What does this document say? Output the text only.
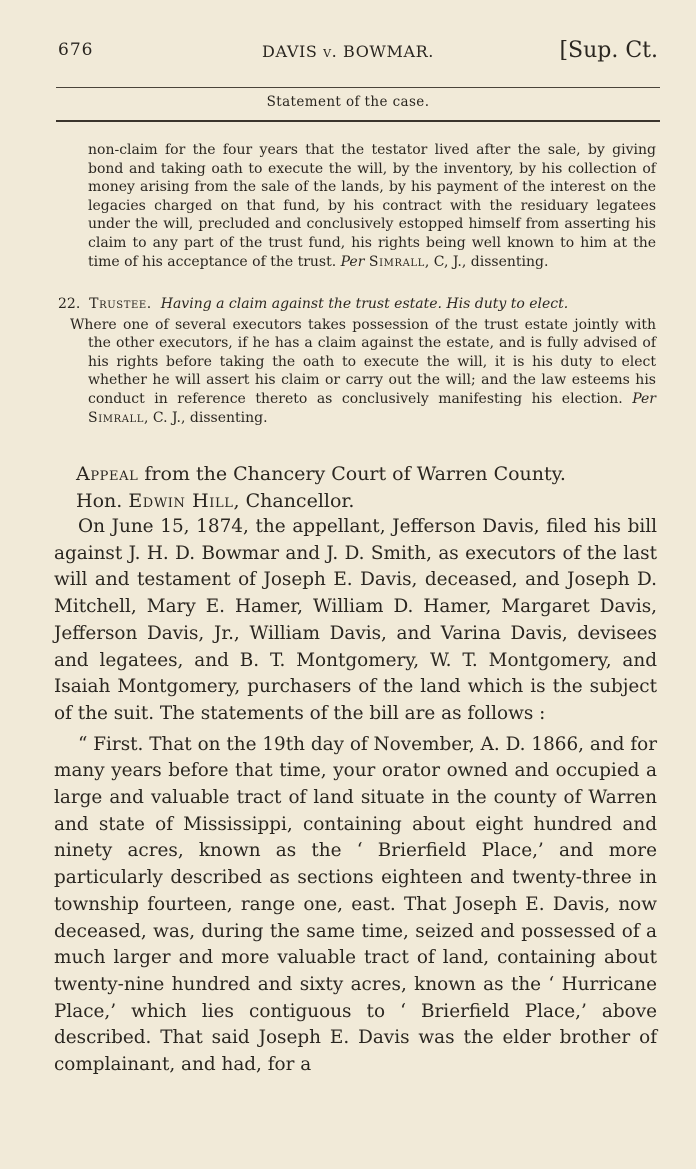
676	DAVIS v. BOWMAR.	[Sup. Ct.
Statement of the case.
non-claim for the four years that the testator lived after the sale, by giving bond and taking oath to execute the will, by the inventory, by his collection of money arising from the sale of the lands, by his payment of the interest on the legacies charged on that fund, by his contract with the residuary legatees under the will, precluded and conclusively estopped himself from asserting his claim to any part of the trust fund, his rights being well known to him at the time of his acceptance of the trust. Per Simrall, C, J., dissenting.
22. Trustee. Having a claim against the trust estate. His duty to elect.
Where one of several executors takes possession of the trust estate jointly with the other executors, if he has a claim against the estate, and is fully advised of his rights before taking the oath to execute the will, it is his duty to elect whether he will assert his claim or carry out the will; and the law esteems his conduct in reference thereto as conclusively manifesting his election. Per Simrall, C. J., dissenting.
Appeal from the Chancery Court of Warren County.
Hon. Edwin Hill, Chancellor.

On June 15, 1874, the appellant, Jefferson Davis, filed his bill against J. H. D. Bowmar and J. D. Smith, as executors of the last will and testament of Joseph E. Davis, deceased, and Joseph D. Mitchell, Mary E. Hamer, William D. Hamer, Margaret Davis, Jefferson Davis, Jr., William Davis, and Varina Davis, devisees and legatees, and B. T. Montgomery, W. T. Montgomery, and Isaiah Montgomery, purchasers of the land which is the subject of the suit. The statements of the bill are as follows :

“ First. That on the 19th day of November, A. D. 1866, and for many years before that time, your orator owned and occupied a large and valuable tract of land situate in the county of Warren and state of Mississippi, containing about eight hundred and ninety acres, known as the ‘ Brierfield Place,’ and more particularly described as sections eighteen and twenty-three in township fourteen, range one, east. That Joseph E. Davis, now deceased, was, during the same time, seized and possessed of a much larger and more valuable tract of land, containing about twenty-nine hundred and sixty acres, known as the ‘ Hurricane Place,’ which lies contiguous to ‘ Brierfield Place,’ above described. That said Joseph E. Davis was the elder brother of complainant, and had, for a
